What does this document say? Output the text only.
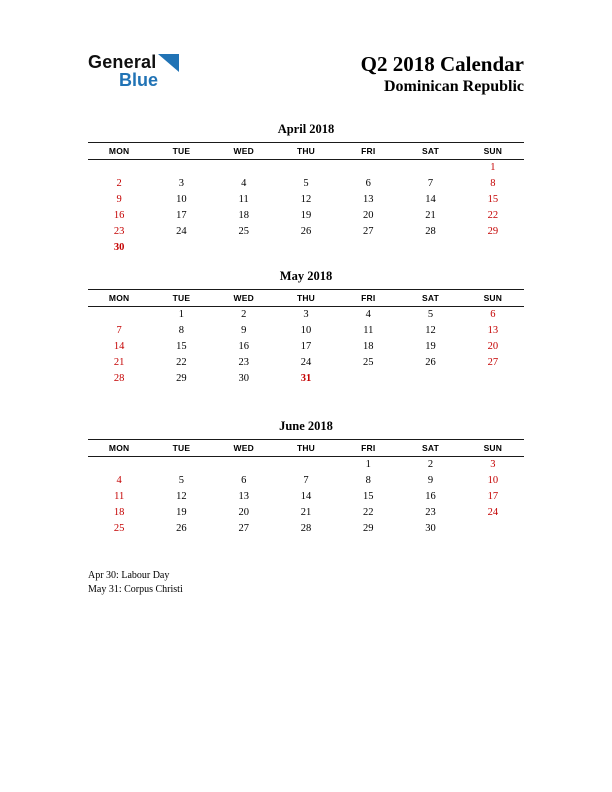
General
Blue
Q2 2018 Calendar
Dominican Republic
April 2018
MON	TUE	WED	THU	FRI	SAT	SUN
						1
2	3	4	5	6	7	8
9	10	11	12	13	14	15
16	17	18	19	20	21	22
23	24	25	26	27	28	29
30						
May 2018
MON	TUE	WED	THU	FRI	SAT	SUN
	1	2	3	4	5	6
7	8	9	10	11	12	13
14	15	16	17	18	19	20
21	22	23	24	25	26	27
28	29	30	31			
June 2018
MON	TUE	WED	THU	FRI	SAT	SUN
				1	2	3
4	5	6	7	8	9	10
11	12	13	14	15	16	17
18	19	20	21	22	23	24
25	26	27	28	29	30	
Apr 30: Labour Day
May 31: Corpus Christi
